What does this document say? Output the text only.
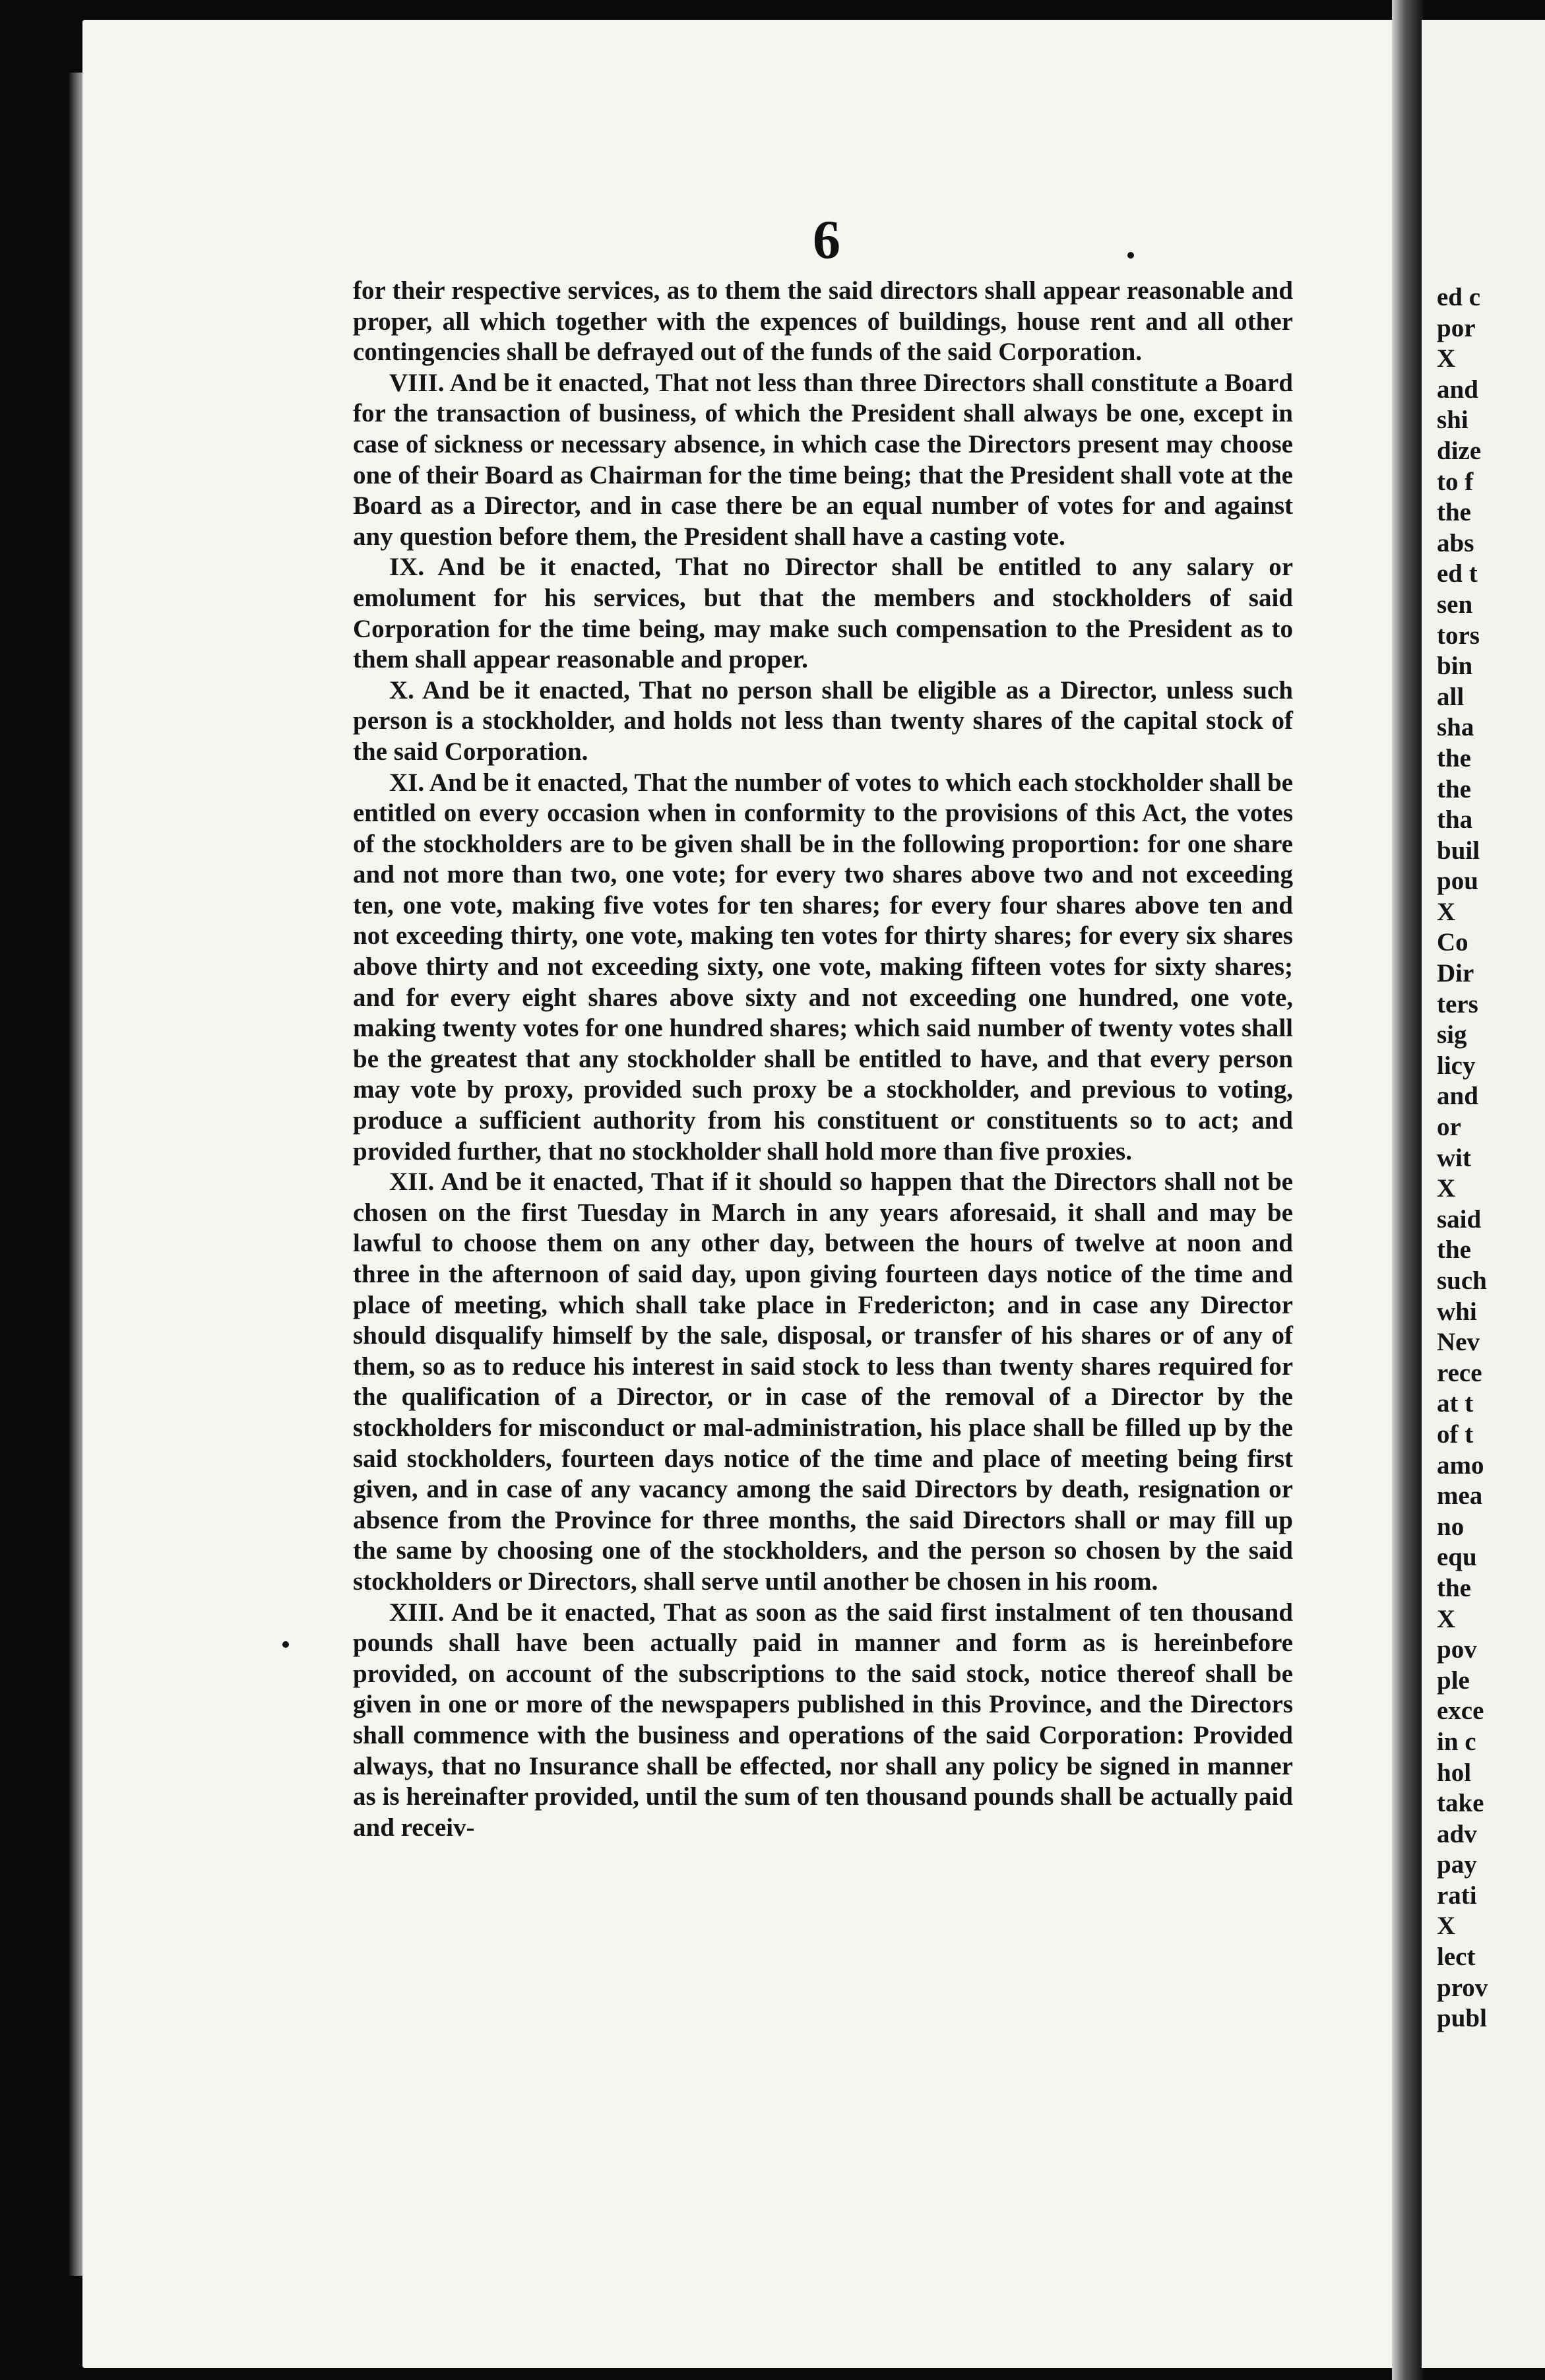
6

for their respective services, as to them the said directors shall appear reasonable and proper, all which together with the expences of buildings, house rent and all other contingencies shall be defrayed out of the funds of the said Corporation.

VIII. And be it enacted, That not less than three Directors shall constitute a Board for the transaction of business, of which the President shall always be one, except in case of sickness or necessary absence, in which case the Directors present may choose one of their Board as Chairman for the time being; that the President shall vote at the Board as a Director, and in case there be an equal number of votes for and against any question before them, the President shall have a casting vote.

IX. And be it enacted, That no Director shall be entitled to any salary or emolument for his services, but that the members and stockholders of said Corporation for the time being, may make such compensation to the President as to them shall appear reasonable and proper.

X. And be it enacted, That no person shall be eligible as a Director, unless such person is a stockholder, and holds not less than twenty shares of the capital stock of the said Corporation.

XI. And be it enacted, That the number of votes to which each stockholder shall be entitled on every occasion when in conformity to the provisions of this Act, the votes of the stockholders are to be given shall be in the following proportion: for one share and not more than two, one vote; for every two shares above two and not exceeding ten, one vote, making five votes for ten shares; for every four shares above ten and not exceeding thirty, one vote, making ten votes for thirty shares; for every six shares above thirty and not exceeding sixty, one vote, making fifteen votes for sixty shares; and for every eight shares above sixty and not exceeding one hundred, one vote, making twenty votes for one hundred shares; which said number of twenty votes shall be the greatest that any stockholder shall be entitled to have, and that every person may vote by proxy, provided such proxy be a stockholder, and previous to voting, produce a sufficient authority from his constituent or constituents so to act; and provided further, that no stockholder shall hold more than five proxies.

XII. And be it enacted, That if it should so happen that the Directors shall not be chosen on the first Tuesday in March in any years aforesaid, it shall and may be lawful to choose them on any other day, between the hours of twelve at noon and three in the afternoon of said day, upon giving fourteen days notice of the time and place of meeting, which shall take place in Fredericton; and in case any Director should disqualify himself by the sale, disposal, or transfer of his shares or of any of them, so as to reduce his interest in said stock to less than twenty shares required for the qualification of a Director, or in case of the removal of a Director by the stockholders for misconduct or mal-administration, his place shall be filled up by the said stockholders, fourteen days notice of the time and place of meeting being first given, and in case of any vacancy among the said Directors by death, resignation or absence from the Province for three months, the said Directors shall or may fill up the same by choosing one of the stockholders, and the person so chosen by the said stockholders or Directors, shall serve until another be chosen in his room.

XIII. And be it enacted, That as soon as the said first instalment of ten thousand pounds shall have been actually paid in manner and form as is hereinbefore provided, on account of the subscriptions to the said stock, notice thereof shall be given in one or more of the newspapers published in this Province, and the Directors shall commence with the business and operations of the said Corporation: Provided always, that no Insurance shall be effected, nor shall any policy be signed in manner as is hereinafter provided, until the sum of ten thousand pounds shall be actually paid and receiv-

ed c
por
X
and
shi
dize
to f
the
abs
ed t
sen
tors
bin
all
sha
the
the
tha
buil
pou
X
Co
Dir
ters
sig
licy
and
or
wit
X
said
the
such
whi
Nev
rece
at t
of t
amo
mea
no
equ
the
X
pov
ple
exce
in c
hol
take
adv
pay
rati
X
lect
prov
publ
